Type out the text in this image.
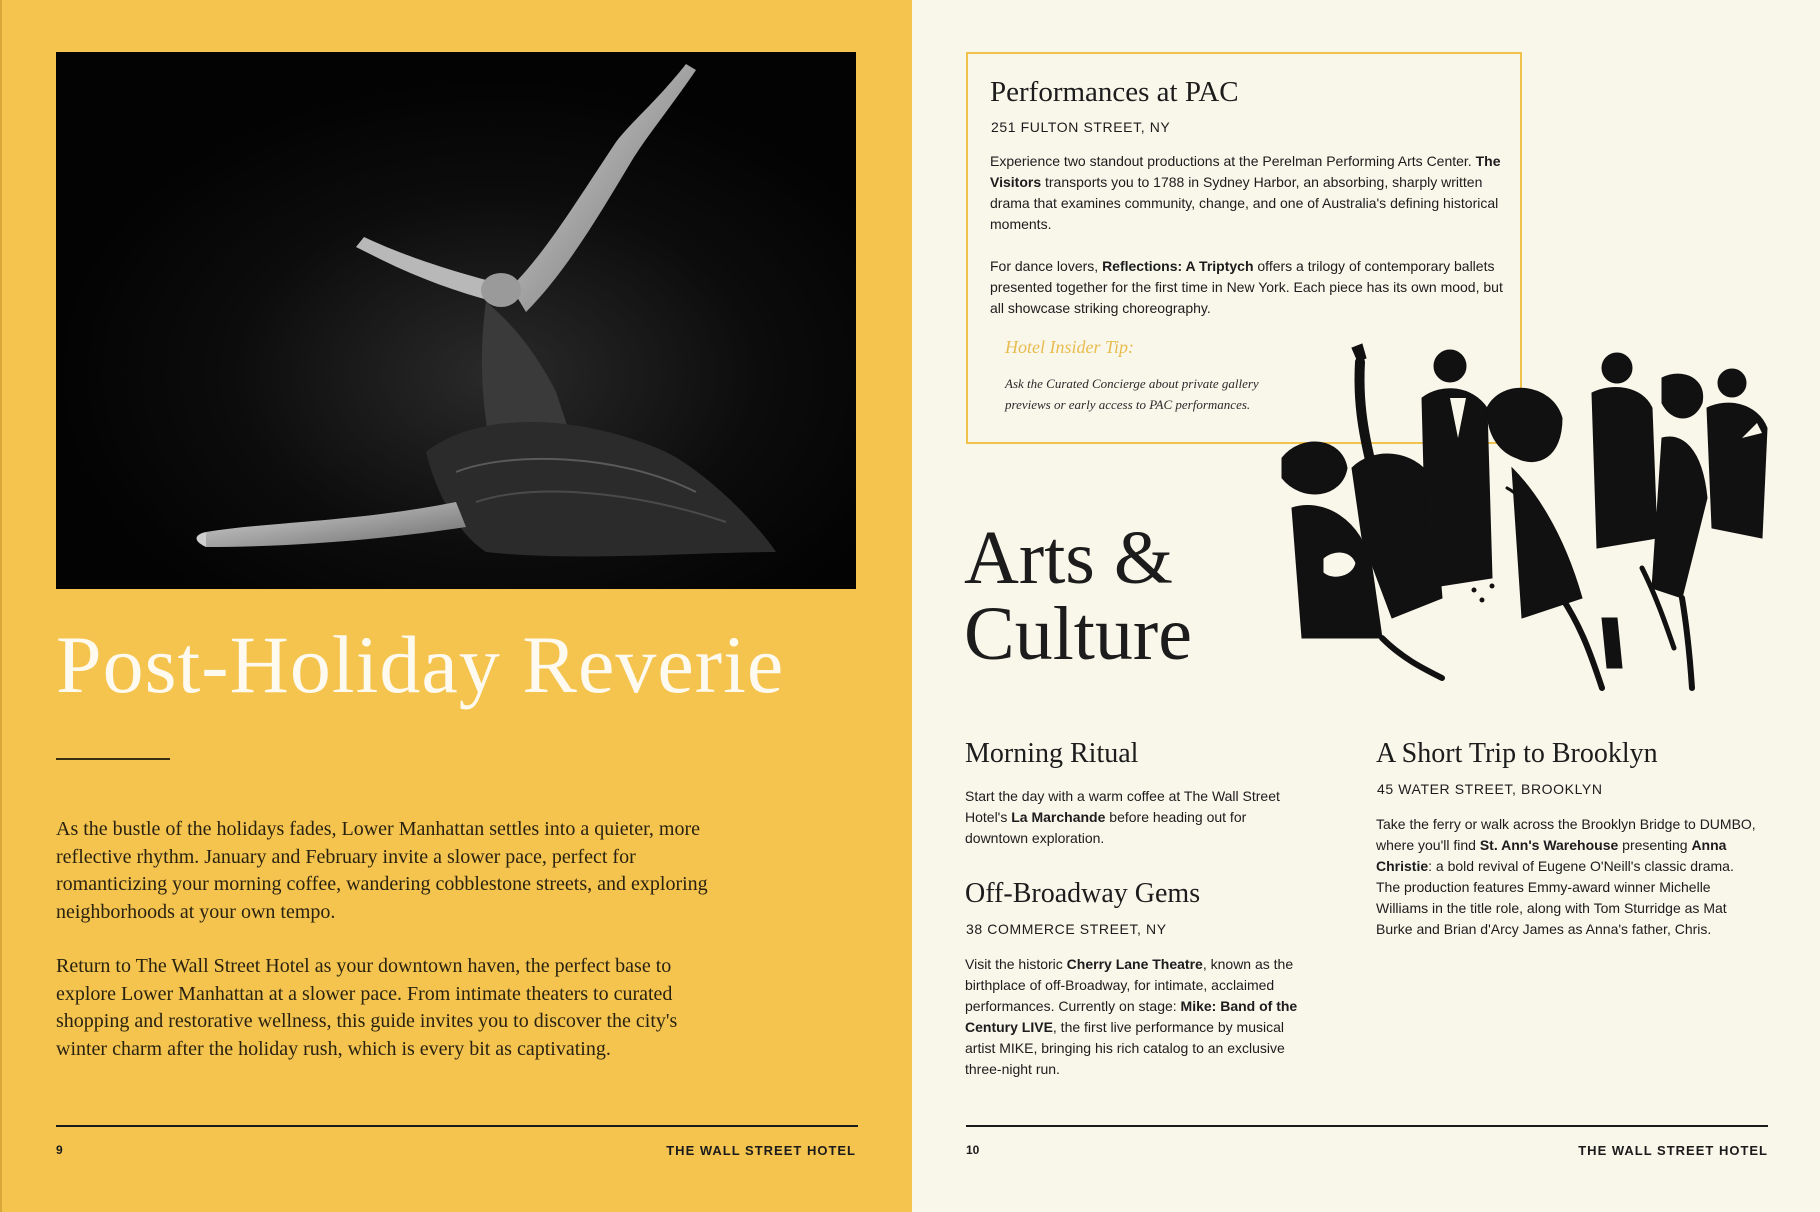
Post-Holiday Reverie

As the bustle of the holidays fades, Lower Manhattan settles into a quieter, more reflective rhythm. January and February invite a slower pace, perfect for romanticizing your morning coffee, wandering cobblestone streets, and exploring neighborhoods at your own tempo.

Return to The Wall Street Hotel as your downtown haven, the perfect base to explore Lower Manhattan at a slower pace. From intimate theaters to curated shopping and restorative wellness, this guide invites you to discover the city's winter charm after the holiday rush, which is every bit as captivating.

9	THE WALL STREET HOTEL
Performances at PAC
251 FULTON STREET, NY

Experience two standout productions at the Perelman Performing Arts Center. The Visitors transports you to 1788 in Sydney Harbor, an absorbing, sharply written drama that examines community, change, and one of Australia's defining historical moments.

For dance lovers, Reflections: A Triptych offers a trilogy of contemporary ballets presented together for the first time in New York. Each piece has its own mood, but all showcase striking choreography.

Hotel Insider Tip:
Ask the Curated Concierge about private gallery previews or early access to PAC performances.
Arts &
Culture
Morning Ritual
Start the day with a warm coffee at The Wall Street Hotel's La Marchande before heading out for downtown exploration.
Off-Broadway Gems
38 COMMERCE STREET, NY
Visit the historic Cherry Lane Theatre, known as the birthplace of off-Broadway, for intimate, acclaimed performances. Currently on stage: Mike: Band of the Century LIVE, the first live performance by musical artist MIKE, bringing his rich catalog to an exclusive three-night run.
A Short Trip to Brooklyn
45 WATER STREET, BROOKLYN
Take the ferry or walk across the Brooklyn Bridge to DUMBO, where you'll find St. Ann's Warehouse presenting Anna Christie: a bold revival of Eugene O'Neill's classic drama. The production features Emmy-award winner Michelle Williams in the title role, along with Tom Sturridge as Mat Burke and Brian d'Arcy James as Anna's father, Chris.
10	THE WALL STREET HOTEL
